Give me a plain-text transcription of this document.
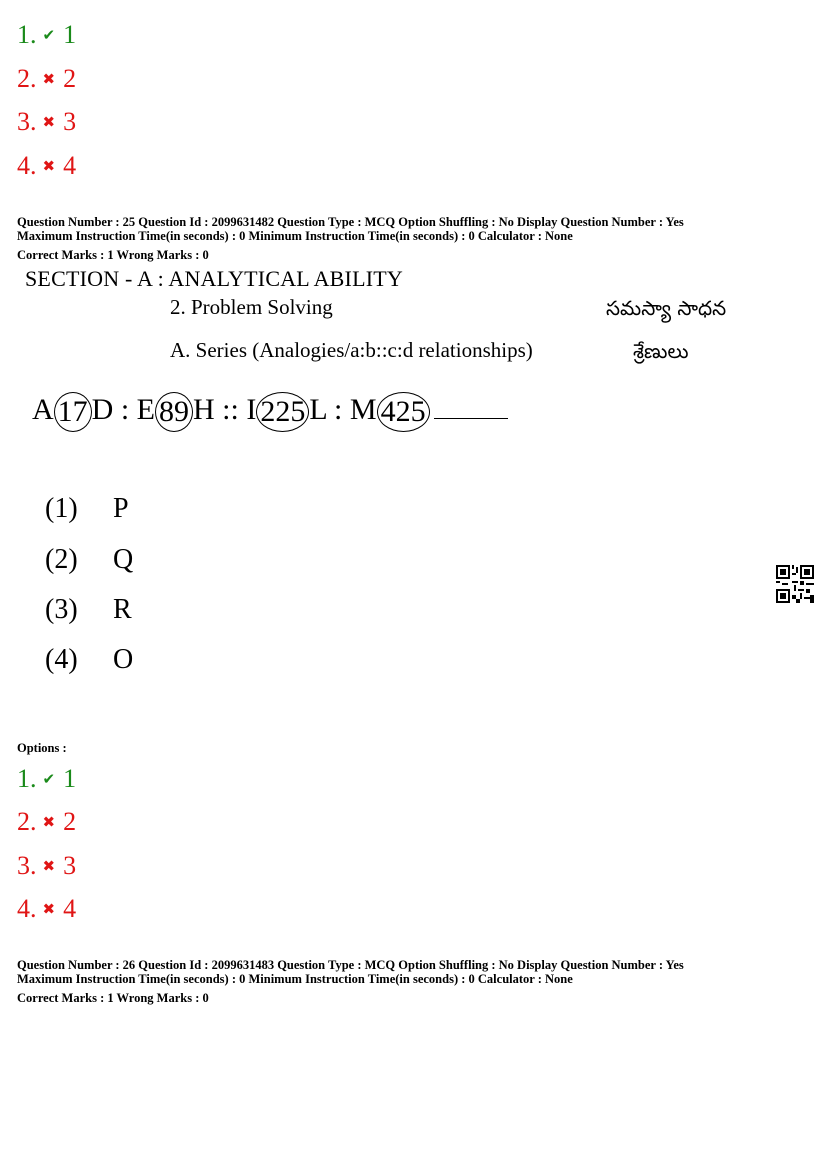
1. ✔ 1
2. ✖ 2
3. ✖ 3
4. ✖ 4
Question Number : 25 Question Id : 2099631482 Question Type : MCQ Option Shuffling : No Display Question Number : Yes
Maximum Instruction Time(in seconds) : 0 Minimum Instruction Time(in seconds) : 0 Calculator : None
Correct Marks : 1 Wrong Marks : 0
SECTION - A : ANALYTICAL ABILITY
2. Problem Solving	సమస్యా సాధన
A. Series (Analogies/a:b::c:d relationships)	శ్రేణులు
A 17 D : E 89 H :: I 225 L : M 425
(1) P
(2) Q
(3) R
(4) O
Options :
1. ✔ 1
2. ✖ 2
3. ✖ 3
4. ✖ 4
Question Number : 26 Question Id : 2099631483 Question Type : MCQ Option Shuffling : No Display Question Number : Yes
Maximum Instruction Time(in seconds) : 0 Minimum Instruction Time(in seconds) : 0 Calculator : None
Correct Marks : 1 Wrong Marks : 0
